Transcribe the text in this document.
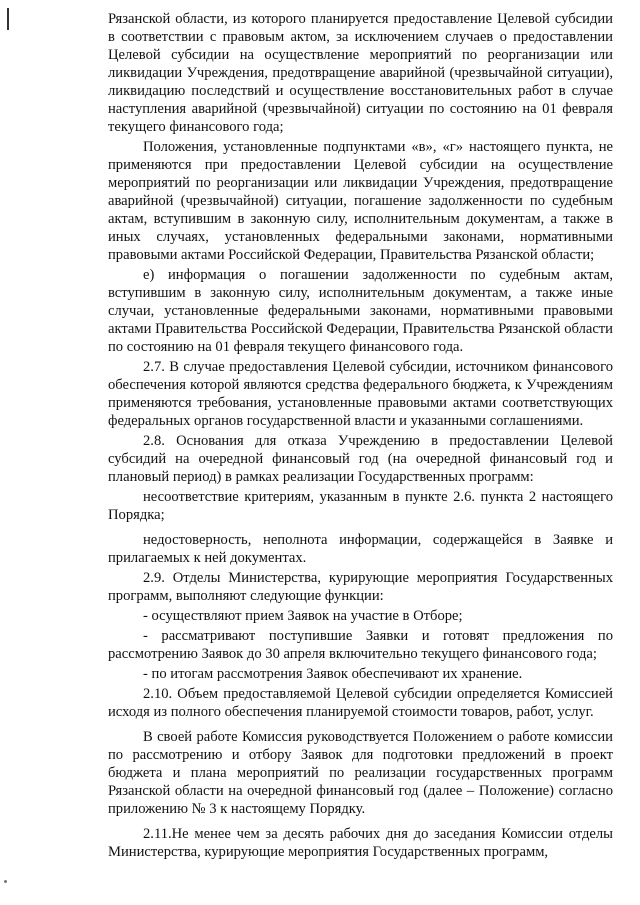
Рязанской области, из которого планируется предоставление Целевой субсидии в соответствии с правовым актом, за исключением случаев о предоставлении Целевой субсидии на осуществление мероприятий по реорганизации или ликвидации Учреждения, предотвращение аварийной (чрезвычайной ситуации), ликвидацию последствий и осуществление восстановительных работ в случае наступления аварийной (чрезвычайной) ситуации по состоянию на 01 февраля текущего финансового года;

Положения, установленные подпунктами «в», «г» настоящего пункта, не применяются при предоставлении Целевой субсидии на осуществление мероприятий по реорганизации или ликвидации Учреждения, предотвращение аварийной (чрезвычайной) ситуации, погашение задолженности по судебным актам, вступившим в законную силу, исполнительным документам, а также в иных случаях, установленных федеральными законами, нормативными правовыми актами Российской Федерации, Правительства Рязанской области;

е) информация о погашении задолженности по судебным актам, вступившим в законную силу, исполнительным документам, а также иные случаи, установленные федеральными законами, нормативными правовыми актами Правительства Российской Федерации, Правительства Рязанской области по состоянию на 01 февраля текущего финансового года.

2.7. В случае предоставления Целевой субсидии, источником финансового обеспечения которой являются средства федерального бюджета, к Учреждениям применяются требования, установленные правовыми актами соответствующих федеральных органов государственной власти и указанными соглашениями.

2.8. Основания для отказа Учреждению в предоставлении Целевой субсидий на очередной финансовый год (на очередной финансовый год и плановый период) в рамках реализации Государственных программ:

несоответствие критериям, указанным в пункте 2.6. пункта 2 настоящего Порядка;

недостоверность, неполнота информации, содержащейся в Заявке и прилагаемых к ней документах.

2.9. Отделы Министерства, курирующие мероприятия Государственных программ, выполняют следующие функции:

- осуществляют прием Заявок на участие в Отборе;

- рассматривают поступившие Заявки и готовят предложения по рассмотрению Заявок до 30 апреля включительно текущего финансового года;

- по итогам рассмотрения Заявок обеспечивают их хранение.

2.10. Объем предоставляемой Целевой субсидии определяется Комиссией исходя из полного обеспечения планируемой стоимости товаров, работ, услуг.

В своей работе Комиссия руководствуется Положением о работе комиссии по рассмотрению и отбору Заявок для подготовки предложений в проект бюджета и плана мероприятий по реализации государственных программ Рязанской области на очередной финансовый год (далее – Положение) согласно приложению № 3 к настоящему Порядку.

2.11.Не менее чем за десять рабочих дня до заседания Комиссии отделы Министерства, курирующие мероприятия Государственных программ,
